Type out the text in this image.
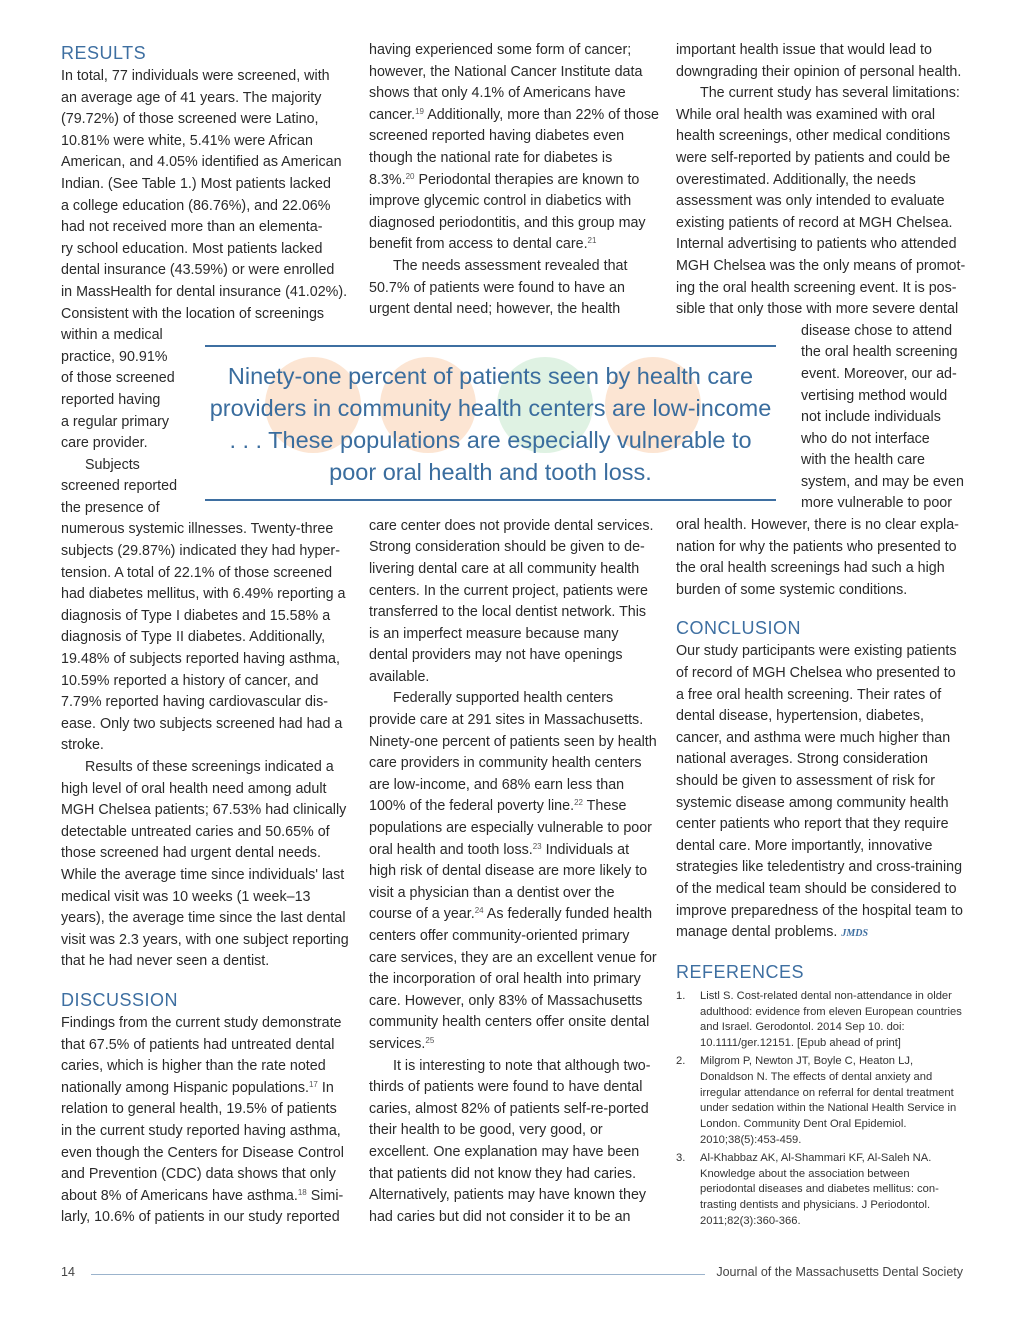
RESULTS
In total, 77 individuals were screened, with
an average age of 41 years. The majority
(79.72%) of those screened were Latino,
10.81% were white, 5.41% were African
American, and 4.05% identified as American
Indian. (See Table 1.) Most patients lacked
a college education (86.76%), and 22.06%
had not received more than an elementa-
ry school education. Most patients lacked
dental insurance (43.59%) or were enrolled
in MassHealth for dental insurance (41.02%).
Consistent with the location of screenings
within a medical
practice, 90.91%
of those screened
reported having
a regular primary
care provider.
Subjects
screened reported
the presence of

numerous systemic illnesses. Twenty-three subjects (29.87%) indicated they had hyper-tension. A total of 22.1% of those screened had diabetes mellitus, with 6.49% reporting a diagnosis of Type I diabetes and 15.58% a diagnosis of Type II diabetes. Additionally, 19.48% of subjects reported having asthma, 10.59% reported a history of cancer, and 7.79% reported having cardiovascular dis-ease. Only two subjects screened had had a stroke.

Results of these screenings indicated a high level of oral health need among adult MGH Chelsea patients; 67.53% had clinically detectable untreated caries and 50.65% of those screened had urgent dental needs. While the average time since individuals' last medical visit was 10 weeks (1 week–13 years), the average time since the last dental visit was 2.3 years, with one subject reporting that he had never seen a dentist.

DISCUSSION

Findings from the current study demonstrate that 67.5% of patients had untreated dental caries, which is higher than the rate noted nationally among Hispanic populations.$^{17}$ In relation to general health, 19.5% of patients in the current study reported having asthma, even though the Centers for Disease Control and Prevention (CDC) data shows that only about 8% of Americans have asthma.$^{18}$ Simi-larly, 10.6% of patients in our study reported

having experienced some form of cancer; however, the National Cancer Institute data shows that only 4.1% of Americans have cancer.$^{19}$ Additionally, more than 22% of those screened reported having diabetes even though the national rate for diabetes is 8.3%.$^{20}$ Periodontal therapies are known to improve glycemic control in diabetics with diagnosed periodontitis, and this group may benefit from access to dental care.$^{21}$

The needs assessment revealed that 50.7% of patients were found to have an urgent dental need; however, the health

care center does not provide dental services. Strong consideration should be given to de-livering dental care at all community health centers. In the current project, patients were transferred to the local dentist network. This is an imperfect measure because many dental providers may not have openings available.

Federally supported health centers provide care at 291 sites in Massachusetts. Ninety-one percent of patients seen by health care providers in community health centers are low-income, and 68% earn less than 100% of the federal poverty line.$^{22}$ These populations are especially vulnerable to poor oral health and tooth loss.$^{23}$ Individuals at high risk of dental disease are more likely to visit a physician than a dentist over the course of a year.$^{24}$ As federally funded health centers offer community-oriented primary care services, they are an excellent venue for the incorporation of oral health into primary care. However, only 83% of Massachusetts community health centers offer onsite dental services.$^{25}$

It is interesting to note that although two-thirds of patients were found to have dental caries, almost 82% of patients self-re-ported their health to be good, very good, or excellent. One explanation may have been that patients did not know they had caries. Alternatively, patients may have known they had caries but did not consider it to be an

important health issue that would lead to downgrading their opinion of personal health.

The current study has several limitations: While oral health was examined with oral health screenings, other medical conditions were self-reported by patients and could be overestimated. Additionally, the needs assessment was only intended to evaluate existing patients of record at MGH Chelsea. Internal advertising to patients who attended MGH Chelsea was the only means of promot-ing the oral health screening event. It is pos-sible that only those with more severe dental

disease chose to attend
the oral health screening
event. Moreover, our ad-
vertising method would
not include individuals
who do not interface
with the health care
system, and may be even
more vulnerable to poor

oral health. However, there is no clear expla-nation for why the patients who presented to the oral health screenings had such a high burden of some systemic conditions.

CONCLUSION

Our study participants were existing patients of record of MGH Chelsea who presented to a free oral health screening. Their rates of dental disease, hypertension, diabetes, cancer, and asthma were much higher than national averages. Strong consideration should be given to assessment of risk for systemic disease among community health center patients who report that they require dental care. More importantly, innovative strategies like teledentistry and cross-training of the medical team should be considered to improve preparedness of the hospital team to manage dental problems. JMDS

REFERENCES
1. Listl S. Cost-related dental non-attendance in older adulthood: evidence from eleven European countries and Israel. Gerodontol. 2014 Sep 10. doi: 10.1111/ger.12151. [Epub ahead of print]
2. Milgrom P, Newton JT, Boyle C, Heaton LJ, Donaldson N. The effects of dental anxiety and irregular attendance on referral for dental treatment under sedation within the National Health Service in London. Community Dent Oral Epidemiol. 2010;38(5):453-459.
3. Al-Khabbaz AK, Al-Shammari KF, Al-Saleh NA. Knowledge about the association between periodontal diseases and diabetes mellitus: con-trasting dentists and physicians. J Periodontol. 2011;82(3):360-366.
Ninety-one percent of patients seen by health care providers in community health centers are low-income . . . These populations are especially vulnerable to poor oral health and tooth loss.
14	Journal of the Massachusetts Dental Society
